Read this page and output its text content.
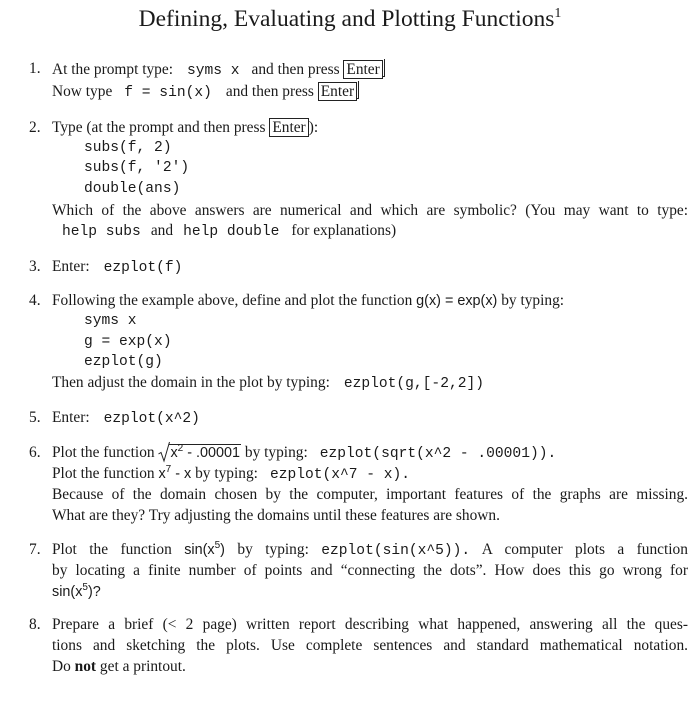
Defining, Evaluating and Plotting Functions$^1$
1. At the prompt type: syms x and then press Enter
Now type f = sin(x) and then press Enter
2. Type (at the prompt and then press Enter ):
subs(f, 2)
subs(f, '2')
double(ans)
Which of the above answers are numerical and which are symbolic? (You may want to type:
help subs and help double for explanations)
3. Enter: ezplot(f)
4. Following the example above, define and plot the function g(x) = exp(x) by typing:
syms x
g = exp(x)
ezplot(g)
Then adjust the domain in the plot by typing: ezplot(g,[-2,2])
5. Enter: ezplot(x^2)
6. Plot the function $x^2 - .00001$ by typing: ezplot(sqrt(x^2 - .00001)).
Plot the function $x^7$ - x by typing: ezplot(x^7 - x).
Because of the domain chosen by the computer, important features of the graphs are missing.
What are they? Try adjusting the domains until these features are shown.
7. Plot the function $\sin(x^5)$ by typing: ezplot(sin(x^5)). A computer plots a function
by locating a finite number of points and “connecting the dots”. How does this go wrong for
$\sin(x^5)$?
8. Prepare a brief (< 2 page) written report describing what happened, answering all the ques-
tions and sketching the plots. Use complete sentences and standard mathematical notation.
Do not get a printout.
